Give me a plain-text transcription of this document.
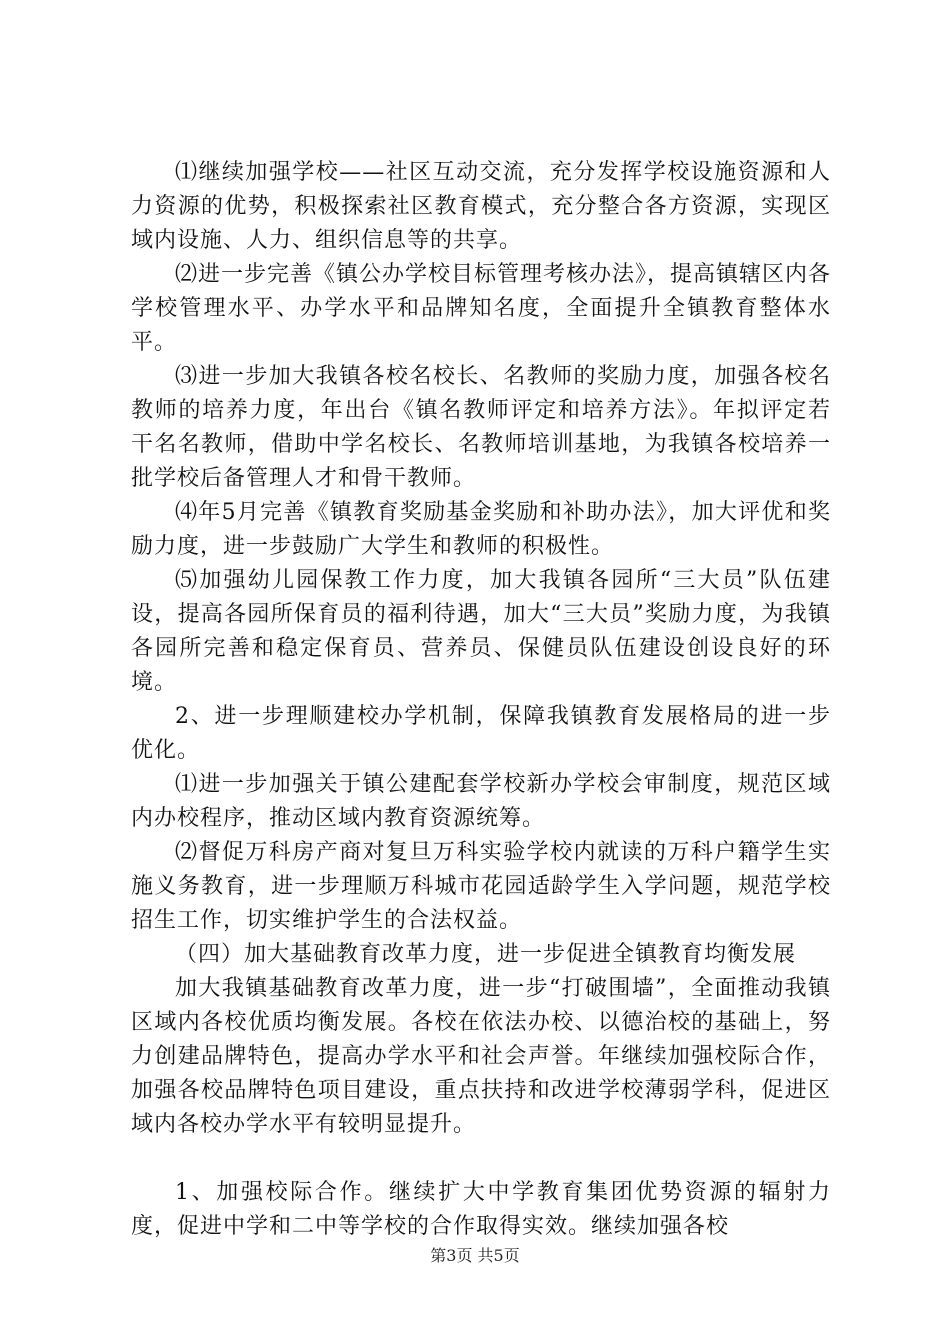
⑴继续加强学校——社区互动交流，充分发挥学校设施资源和人力资源的优势，积极探索社区教育模式，充分整合各方资源，实现区域内设施、人力、组织信息等的共享。

⑵进一步完善《镇公办学校目标管理考核办法》，提高镇辖区内各学校管理水平、办学水平和品牌知名度，全面提升全镇教育整体水平。

⑶进一步加大我镇各校名校长、名教师的奖励力度，加强各校名教师的培养力度，年出台《镇名教师评定和培养方法》。年拟评定若干名名教师，借助中学名校长、名教师培训基地，为我镇各校培养一批学校后备管理人才和骨干教师。

⑷年5月完善《镇教育奖励基金奖励和补助办法》，加大评优和奖励力度，进一步鼓励广大学生和教师的积极性。

⑸加强幼儿园保教工作力度，加大我镇各园所“三大员”队伍建设，提高各园所保育员的福利待遇，加大“三大员”奖励力度，为我镇各园所完善和稳定保育员、营养员、保健员队伍建设创设良好的环境。

2、进一步理顺建校办学机制，保障我镇教育发展格局的进一步优化。

⑴进一步加强关于镇公建配套学校新办学校会审制度，规范区域内办校程序，推动区域内教育资源统筹。

⑵督促万科房产商对复旦万科实验学校内就读的万科户籍学生实施义务教育，进一步理顺万科城市花园适龄学生入学问题，规范学校招生工作，切实维护学生的合法权益。

（四）加大基础教育改革力度，进一步促进全镇教育均衡发展

加大我镇基础教育改革力度，进一步“打破围墙”，全面推动我镇区域内各校优质均衡发展。各校在依法办校、以德治校的基础上，努力创建品牌特色，提高办学水平和社会声誉。年继续加强校际合作，加强各校品牌特色项目建设，重点扶持和改进学校薄弱学科，促进区域内各校办学水平有较明显提升。

1、加强校际合作。继续扩大中学教育集团优势资源的辐射力度，促进中学和二中等学校的合作取得实效。继续加强各校

第3页 共5页
